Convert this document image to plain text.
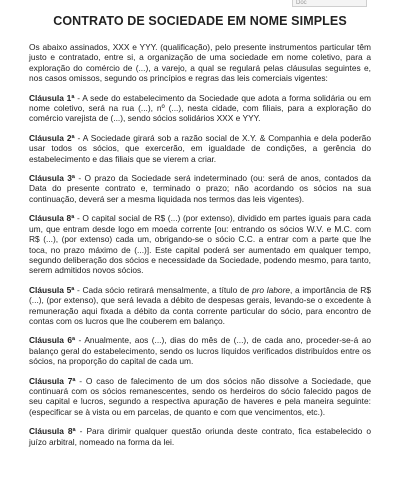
Doc
CONTRATO DE SOCIEDADE EM NOME SIMPLES

Os abaixo assinados, XXX e YYY. (qualificação), pelo presente instrumentos particular têm justo e contratado, entre si, a organização de uma sociedade em nome coletivo, para a exploração do comércio de (...), a varejo, a qual se regulará pelas cláusulas seguintes e, nos casos omissos, segundo os princípios e regras das leis comerciais vigentes:

Cláusula 1ª - A sede do estabelecimento da Sociedade que adota a forma solidária ou em nome coletivo, será na rua (...), nº (...), nesta cidade, com filiais, para a exploração do comércio varejista de (...), sendo sócios solidários XXX e YYY.

Cláusula 2ª - A Sociedade girará sob a razão social de X.Y. & Companhia e dela poderão usar todos os sócios, que exercerão, em igualdade de condições, a gerência do estabelecimento e das filiais que se vierem a criar.

Cláusula 3ª - O prazo da Sociedade será indeterminado (ou: será de anos, contados da Data do presente contrato e, terminado o prazo; não acordando os sócios na sua continuação, deverá ser a mesma liquidada nos termos das leis vigentes).

Cláusula 8ª - O capital social de R$ (...) (por extenso), dividido em partes iguais para cada um, que entram desde logo em moeda corrente [ou: entrando os sócios W.V. e M.C. com R$ (...), (por extenso) cada um, obrigando-se o sócio C.C. a entrar com a parte que lhe toca, no prazo máximo de (...)]. Este capital poderá ser aumentado em qualquer tempo, segundo deliberação dos sócios e necessidade da Sociedade, podendo mesmo, para tanto, serem admitidos novos sócios.

Cláusula 5ª - Cada sócio retirará mensalmente, a título de pro labore, a importância de R$ (...), (por extenso), que será levada a débito de despesas gerais, levando-se o excedente à remuneração aqui fixada a débito da conta corrente particular do sócio, para encontro de contas com os lucros que lhe couberem em balanço.

Cláusula 6ª - Anualmente, aos (...), dias do mês de (...), de cada ano, proceder-se-á ao balanço geral do estabelecimento, sendo os lucros líquidos verificados distribuídos entre os sócios, na proporção do capital de cada um.

Cláusula 7ª - O caso de falecimento de um dos sócios não dissolve a Sociedade, que continuará com os sócios remanescentes, sendo os herdeiros do sócio falecido pagos de seu capital e lucros, segundo a respectiva apuração de haveres e pela maneira seguinte: (especificar se à vista ou em parcelas, de quanto e com que vencimentos, etc.).

Cláusula 8ª - Para dirimir qualquer questão oriunda deste contrato, fica estabelecido o juízo arbitral, nomeado na forma da lei.
